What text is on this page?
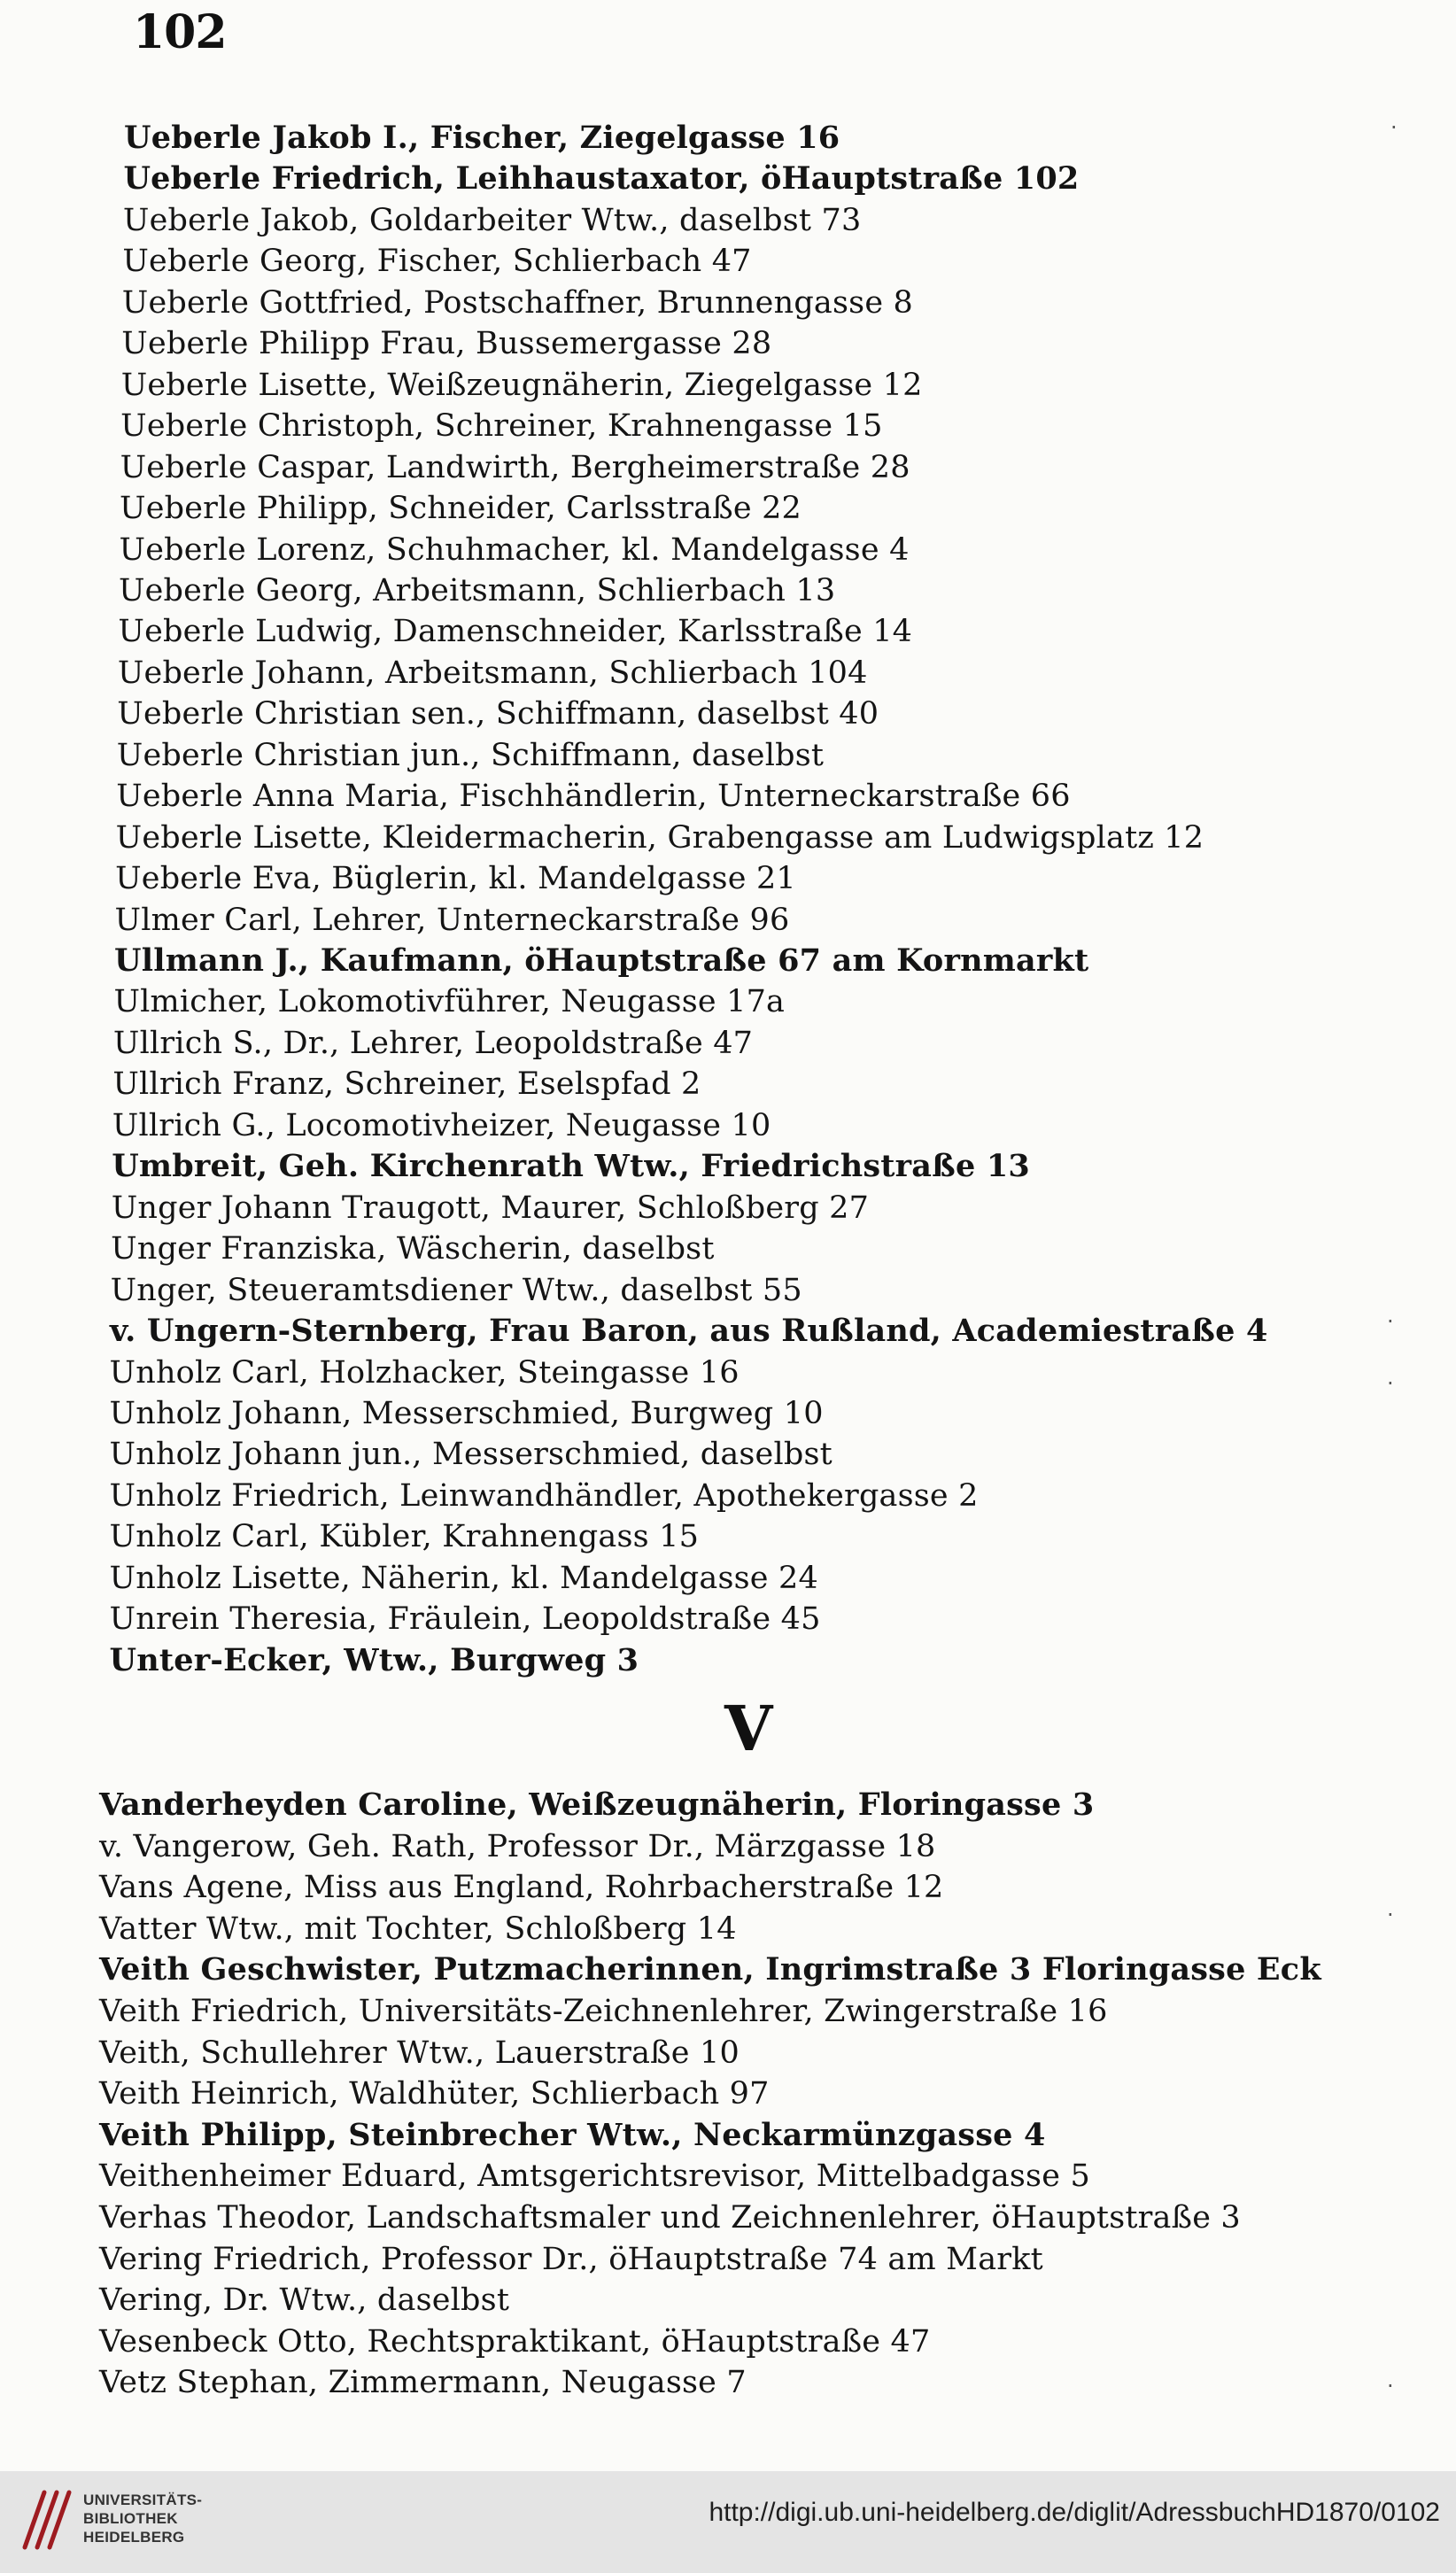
102
Ueberle Jakob I., Fischer, Ziegelgasse 16
Ueberle Friedrich, Leihhaustaxator, öHauptstraße 102
Ueberle Jakob, Goldarbeiter Wtw., daselbst 73
Ueberle Georg, Fischer, Schlierbach 47
Ueberle Gottfried, Postschaffner, Brunnengasse 8
Ueberle Philipp Frau, Bussemergasse 28
Ueberle Lisette, Weißzeugnäherin, Ziegelgasse 12
Ueberle Christoph, Schreiner, Krahnengasse 15
Ueberle Caspar, Landwirth, Bergheimerstraße 28
Ueberle Philipp, Schneider, Carlsstraße 22
Ueberle Lorenz, Schuhmacher, kl. Mandelgasse 4
Ueberle Georg, Arbeitsmann, Schlierbach 13
Ueberle Ludwig, Damenschneider, Karlsstraße 14
Ueberle Johann, Arbeitsmann, Schlierbach 104
Ueberle Christian sen., Schiffmann, daselbst 40
Ueberle Christian jun., Schiffmann, daselbst
Ueberle Anna Maria, Fischhändlerin, Unterneckarstraße 66
Ueberle Lisette, Kleidermacherin, Grabengasse am Ludwigsplatz 12
Ueberle Eva, Büglerin, kl. Mandelgasse 21
Ulmer Carl, Lehrer, Unterneckarstraße 96
Ullmann J., Kaufmann, öHauptstraße 67 am Kornmarkt
Ulmicher, Lokomotivführer, Neugasse 17a
Ullrich S., Dr., Lehrer, Leopoldstraße 47
Ullrich Franz, Schreiner, Eselspfad 2
Ullrich G., Locomotivheizer, Neugasse 10
Umbreit, Geh. Kirchenrath Wtw., Friedrichstraße 13
Unger Johann Traugott, Maurer, Schloßberg 27
Unger Franziska, Wäscherin, daselbst
Unger, Steueramtsdiener Wtw., daselbst 55
v. Ungern-Sternberg, Frau Baron, aus Rußland, Academiestraße 4
Unholz Carl, Holzhacker, Steingasse 16
Unholz Johann, Messerschmied, Burgweg 10
Unholz Johann jun., Messerschmied, daselbst
Unholz Friedrich, Leinwandhändler, Apothekergasse 2
Unholz Carl, Kübler, Krahnengass 15
Unholz Lisette, Näherin, kl. Mandelgasse 24
Unrein Theresia, Fräulein, Leopoldstraße 45
Unter-Ecker, Wtw., Burgweg 3
Vanderheyden Caroline, Weißzeugnäherin, Floringasse 3
v. Vangerow, Geh. Rath, Professor Dr., Märzgasse 18
Vans Agene, Miss aus England, Rohrbacherstraße 12
Vatter Wtw., mit Tochter, Schloßberg 14
Veith Geschwister, Putzmacherinnen, Ingrimstraße 3 Floringasse Eck
Veith Friedrich, Universitäts-Zeichnenlehrer, Zwingerstraße 16
Veith, Schullehrer Wtw., Lauerstraße 10
Veith Heinrich, Waldhüter, Schlierbach 97
Veith Philipp, Steinbrecher Wtw., Neckarmünzgasse 4
Veithenheimer Eduard, Amtsgerichtsrevisor, Mittelbadgasse 5
Verhas Theodor, Landschaftsmaler und Zeichnenlehrer, öHauptstraße 3
Vering Friedrich, Professor Dr., öHauptstraße 74 am Markt
Vering, Dr. Wtw., daselbst
Vesenbeck Otto, Rechtspraktikant, öHauptstraße 47
Vetz Stephan, Zimmermann, Neugasse 7
V
·
·
·
·
·
UNIVERSITÄTS-
BIBLIOTHEK
HEIDELBERG
http://digi.ub.uni-heidelberg.de/diglit/AdressbuchHD1870/0102
